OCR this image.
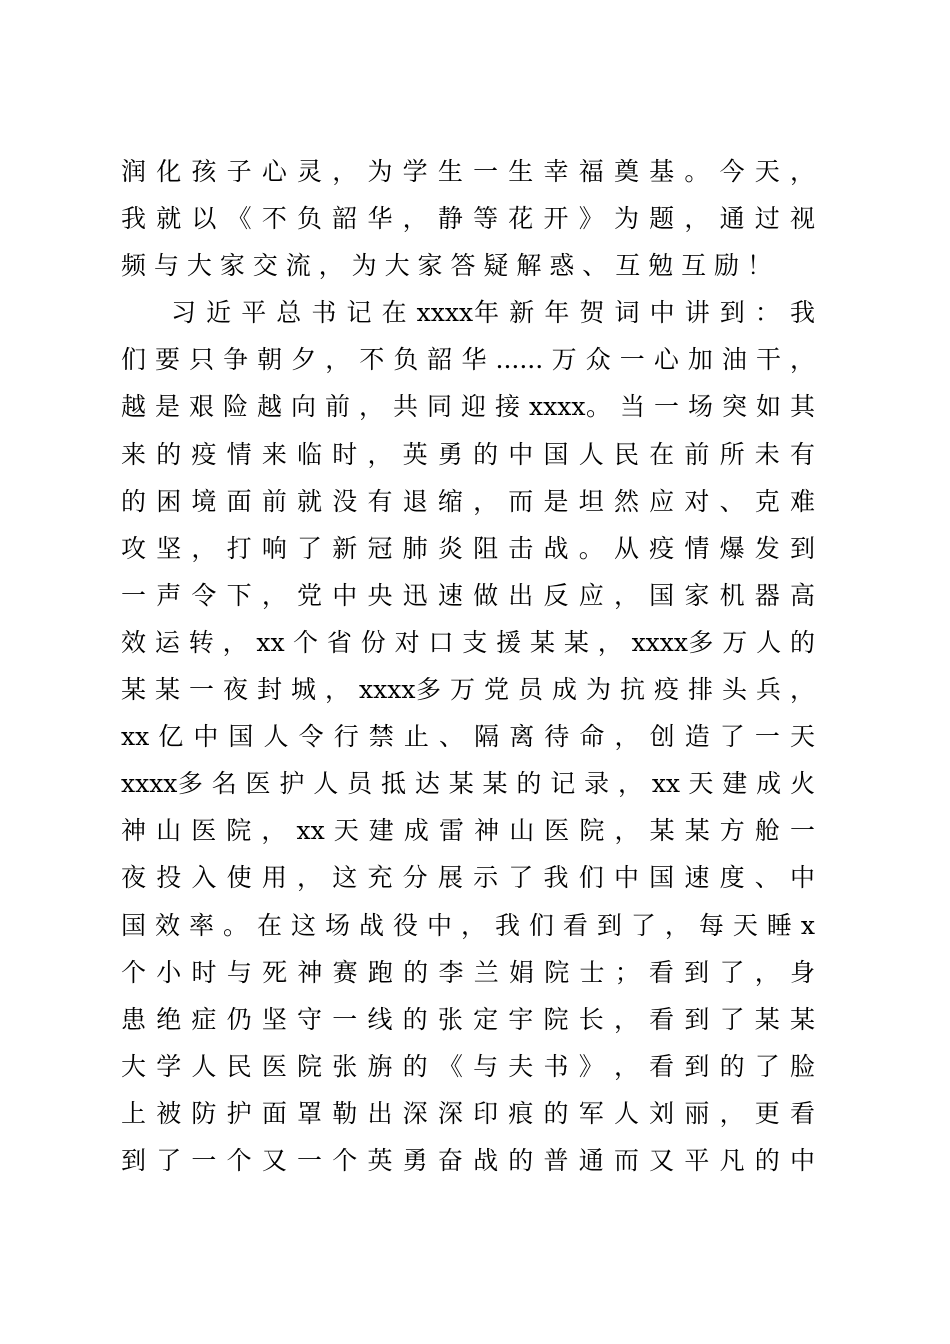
润 化 孩 子 心 灵 ， 为 学 生 一 生 幸 福 奠 基 。 今 天 ，
我 就 以 《 不 负 韶 华 ， 静 等 花 开 》 为 题 ， 通 过 视
频 与 大 家 交 流 ， 为 大 家 答 疑 解 惑 、 互 勉 互 励 ！
习 近 平 总 书 记 在 xxxx年 新 年 贺 词 中 讲 到 ： 我
们 要 只 争 朝 夕 ， 不 负 韶 华 ...... 万 众 一 心 加 油 干 ，
越 是 艰 险 越 向 前 ， 共 同 迎 接 xxxx。 当 一 场 突 如 其
来 的 疫 情 来 临 时 ， 英 勇 的 中 国 人 民 在 前 所 未 有
的 困 境 面 前 就 没 有 退 缩 ， 而 是 坦 然 应 对 、 克 难
攻 坚 ， 打 响 了 新 冠 肺 炎 阻 击 战 。 从 疫 情 爆 发 到
一 声 令 下 ， 党 中 央 迅 速 做 出 反 应 ， 国 家 机 器 高
效 运 转 ， xx 个 省 份 对 口 支 援 某 某 ， xxxx多 万 人 的
某 某 一 夜 封 城 ， xxxx多 万 党 员 成 为 抗 疫 排 头 兵 ，
xx 亿 中 国 人 令 行 禁 止 、 隔 离 待 命 ， 创 造 了 一 天
xxxx多 名 医 护 人 员 抵 达 某 某 的 记 录 ， xx 天 建 成 火
神 山 医 院 ， xx 天 建 成 雷 神 山 医 院 ， 某 某 方 舱 一
夜 投 入 使 用 ， 这 充 分 展 示 了 我 们 中 国 速 度 、 中
国 效 率 。 在 这 场 战 役 中 ， 我 们 看 到 了 ， 每 天 睡 x
个 小 时 与 死 神 赛 跑 的 李 兰 娟 院 士 ； 看 到 了 ， 身
患 绝 症 仍 坚 守 一 线 的 张 定 宇 院 长 ， 看 到 了 某 某
大 学 人 民 医 院 张 旃 的 《 与 夫 书 》 ， 看 到 的 了 脸
上 被 防 护 面 罩 勒 出 深 深 印 痕 的 军 人 刘 丽 ， 更 看
到 了 一 个 又 一 个 英 勇 奋 战 的 普 通 而 又 平 凡 的 中
